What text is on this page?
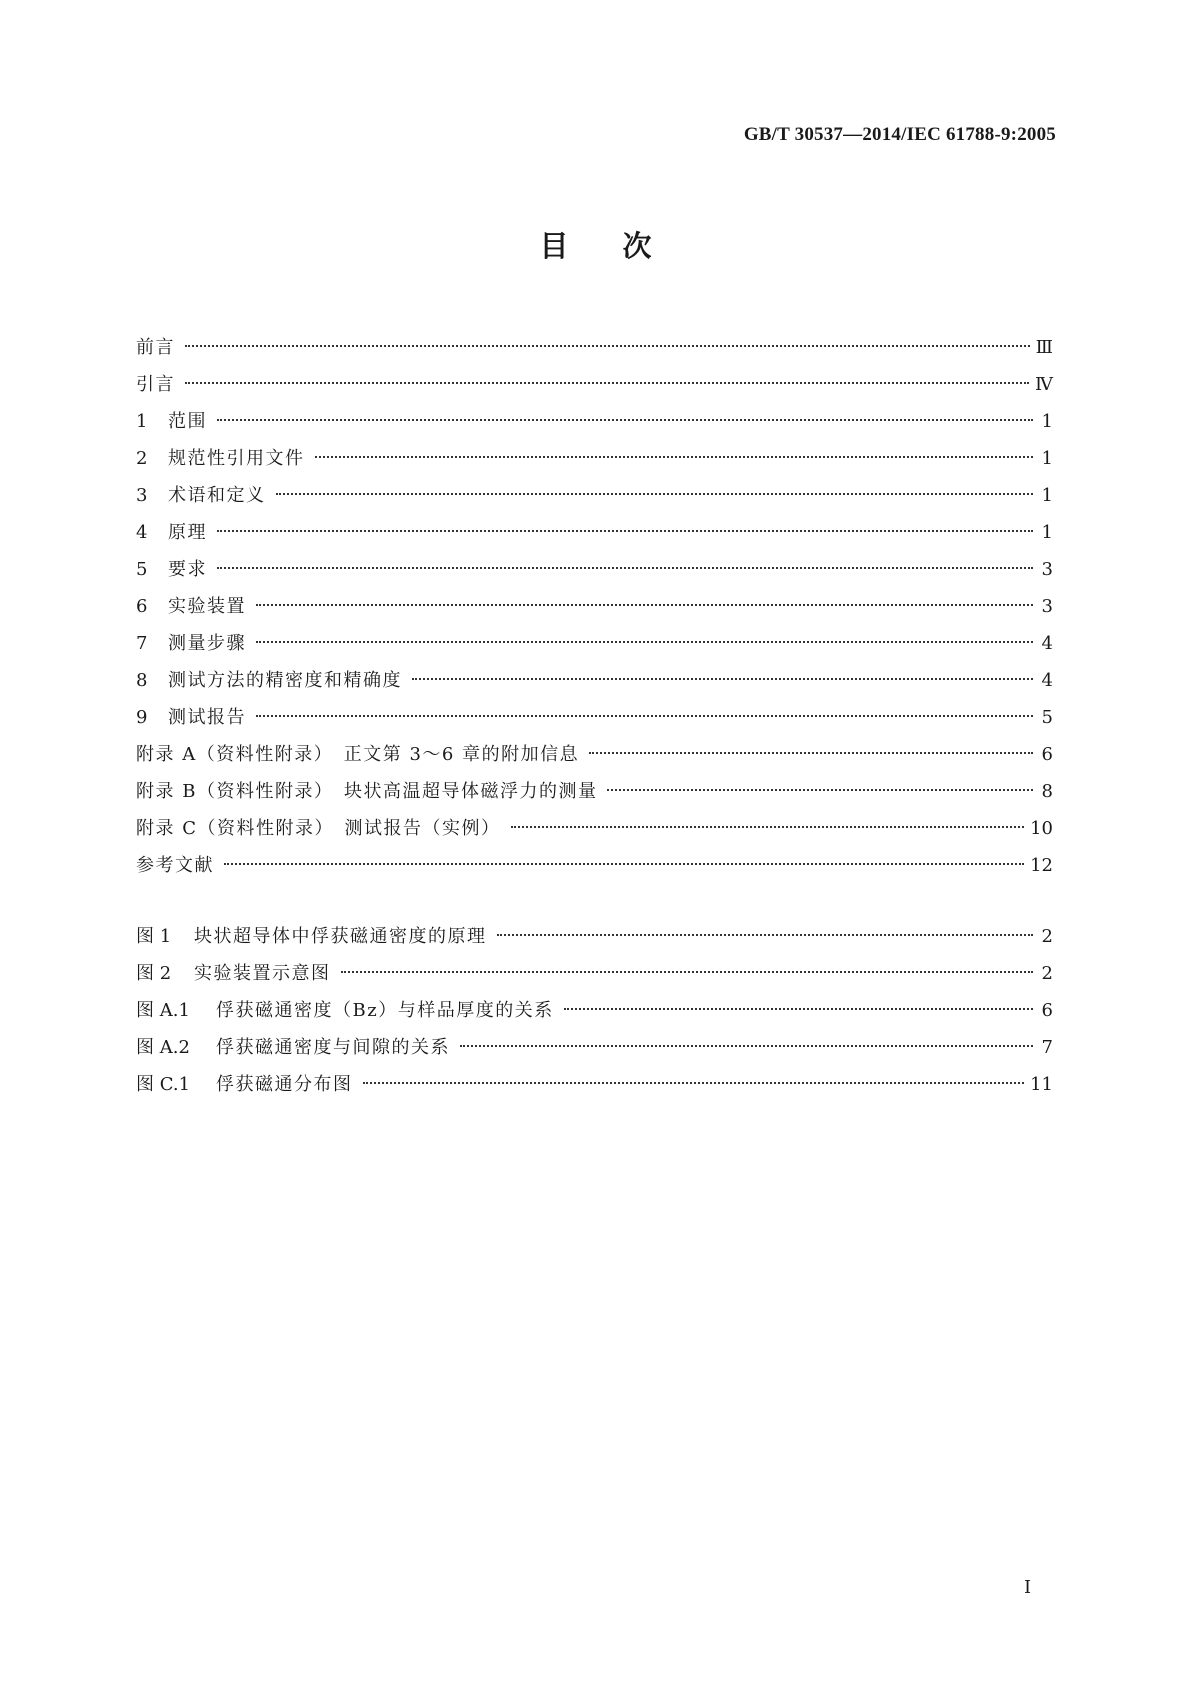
GB/T 30537—2014/IEC 61788-9:2005
目次
前言	Ⅲ
引言	Ⅳ
1	范围	1
2	规范性引用文件	1
3	术语和定义	1
4	原理	1
5	要求	3
6	实验装置	3
7	测量步骤	4
8	测试方法的精密度和精确度	4
9	测试报告	5
附录 A（资料性附录）　正文第 3～6 章的附加信息	6
附录 B（资料性附录）　块状高温超导体磁浮力的测量	8
附录 C（资料性附录）　测试报告（实例）	10
参考文献	12
图 1	块状超导体中俘获磁通密度的原理	2
图 2	实验装置示意图	2
图 A.1	俘获磁通密度（Bz）与样品厚度的关系	6
图 A.2	俘获磁通密度与间隙的关系	7
图 C.1	俘获磁通分布图	11
I
